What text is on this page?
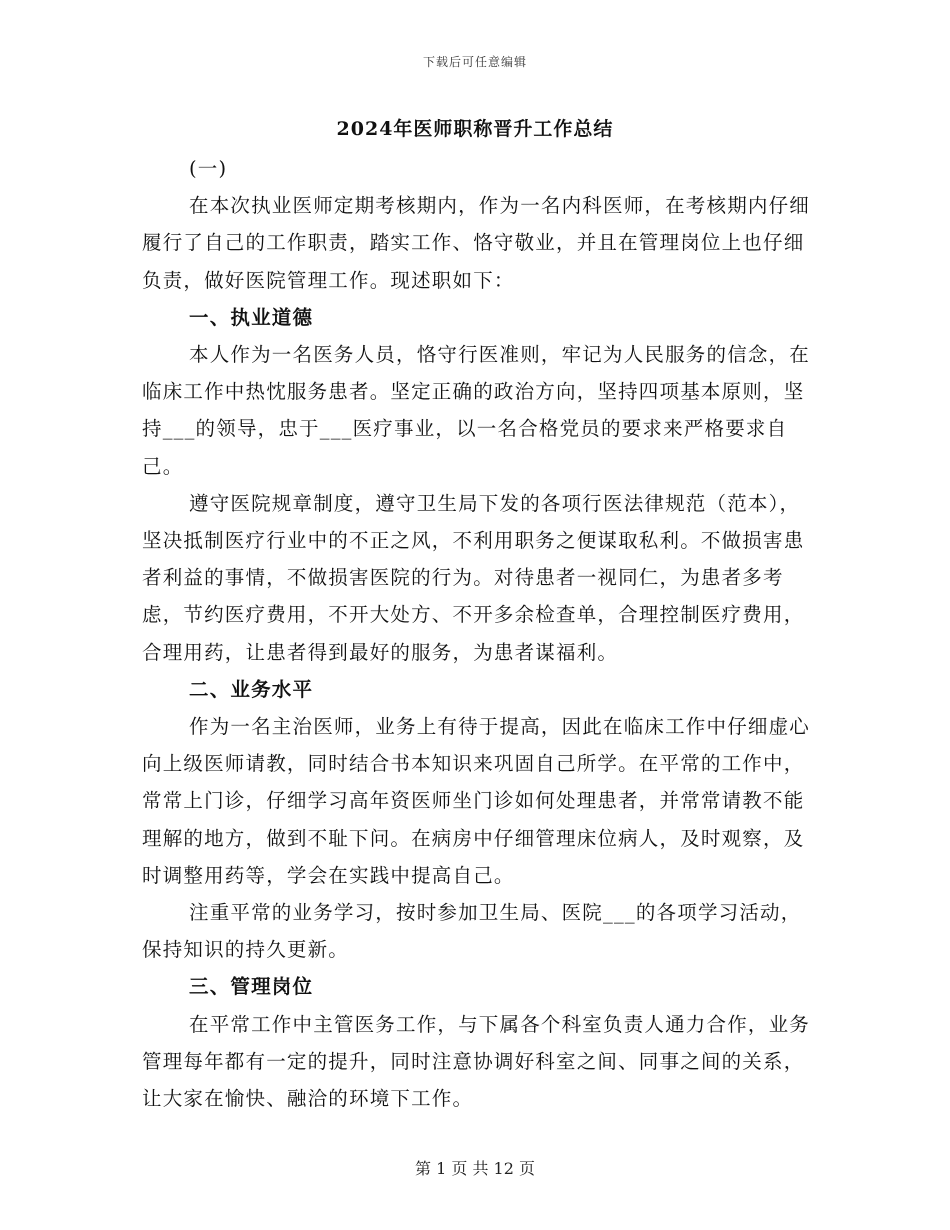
下载后可任意编辑
2024年医师职称晋升工作总结

(一)

在本次执业医师定期考核期内，作为一名内科医师，在考核期内仔细履行了自己的工作职责，踏实工作、恪守敬业，并且在管理岗位上也仔细负责，做好医院管理工作。现述职如下：

一、执业道德

本人作为一名医务人员，恪守行医准则，牢记为人民服务的信念，在临床工作中热忱服务患者。坚定正确的政治方向，坚持四项基本原则，坚持___的领导，忠于___医疗事业，以一名合格党员的要求来严格要求自己。

遵守医院规章制度，遵守卫生局下发的各项行医法律规范（范本），坚决抵制医疗行业中的不正之风，不利用职务之便谋取私利。不做损害患者利益的事情，不做损害医院的行为。对待患者一视同仁，为患者多考虑，节约医疗费用，不开大处方、不开多余检查单，合理控制医疗费用，合理用药，让患者得到最好的服务，为患者谋福利。

二、业务水平

作为一名主治医师，业务上有待于提高，因此在临床工作中仔细虚心向上级医师请教，同时结合书本知识来巩固自己所学。在平常的工作中，常常上门诊，仔细学习高年资医师坐门诊如何处理患者，并常常请教不能理解的地方，做到不耻下问。在病房中仔细管理床位病人，及时观察，及时调整用药等，学会在实践中提高自己。

注重平常的业务学习，按时参加卫生局、医院___的各项学习活动，保持知识的持久更新。

三、管理岗位

在平常工作中主管医务工作，与下属各个科室负责人通力合作，业务管理每年都有一定的提升，同时注意协调好科室之间、同事之间的关系，让大家在愉快、融洽的环境下工作。

第 1 页 共 12 页
